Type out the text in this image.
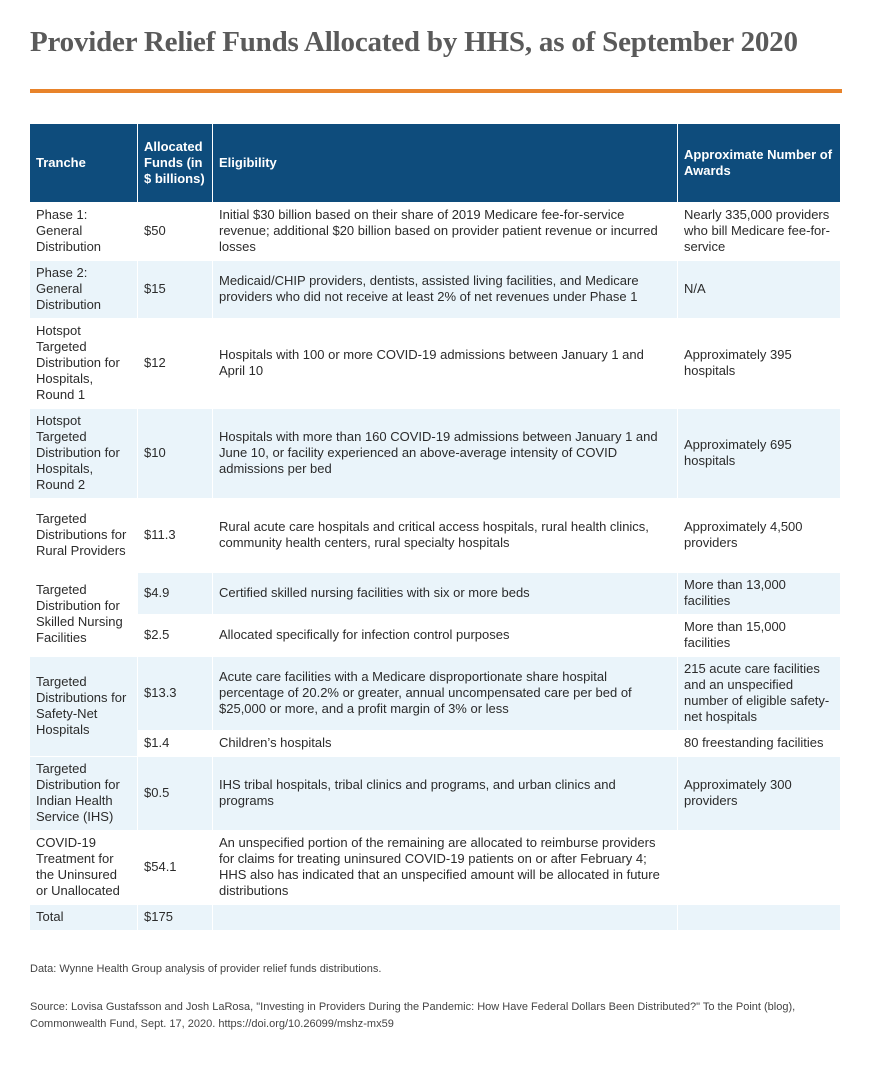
Provider Relief Funds Allocated by HHS, as of September 2020
Tranche	Allocated Funds (in $ billions)	Eligibility	Approximate Number of Awards
Phase 1: General Distribution	$50	Initial $30 billion based on their share of 2019 Medicare fee-for-service revenue; additional $20 billion based on provider patient revenue or incurred losses	Nearly 335,000 providers who bill Medicare fee-for-service
Phase 2: General Distribution	$15	Medicaid/CHIP providers, dentists, assisted living facilities, and Medicare providers who did not receive at least 2% of net revenues under Phase 1	N/A
Hotspot Targeted Distribution for Hospitals, Round 1	$12	Hospitals with 100 or more COVID-19 admissions between January 1 and April 10	Approximately 395 hospitals
Hotspot Targeted Distribution for Hospitals, Round 2	$10	Hospitals with more than 160 COVID-19 admissions between January 1 and June 10, or facility experienced an above-average intensity of COVID admissions per bed	Approximately 695 hospitals
Targeted Distributions for Rural Providers	$11.3	Rural acute care hospitals and critical access hospitals, rural health clinics, community health centers, rural specialty hospitals	Approximately 4,500 providers
Targeted Distribution for Skilled Nursing Facilities	$4.9	Certified skilled nursing facilities with six or more beds	More than 13,000 facilities
	$2.5	Allocated specifically for infection control purposes	More than 15,000 facilities
Targeted Distributions for Safety-Net Hospitals	$13.3	Acute care facilities with a Medicare disproportionate share hospital percentage of 20.2% or greater, annual uncompensated care per bed of $25,000 or more, and a profit margin of 3% or less	215 acute care facilities and an unspecified number of eligible safety-net hospitals
	$1.4	Children’s hospitals	80 freestanding facilities
Targeted Distribution for Indian Health Service (IHS)	$0.5	IHS tribal hospitals, tribal clinics and programs, and urban clinics and programs	Approximately 300 providers
COVID-19 Treatment for the Uninsured or Unallocated	$54.1	An unspecified portion of the remaining are allocated to reimburse providers for claims for treating uninsured COVID-19 patients on or after February 4; HHS also has indicated that an unspecified amount will be allocated in future distributions	
Total	$175		
Data: Wynne Health Group analysis of provider relief funds distributions.
Source: Lovisa Gustafsson and Josh LaRosa, "Investing in Providers During the Pandemic: How Have Federal Dollars Been Distributed?" To the Point (blog), Commonwealth Fund, Sept. 17, 2020. https://doi.org/10.26099/mshz-mx59
